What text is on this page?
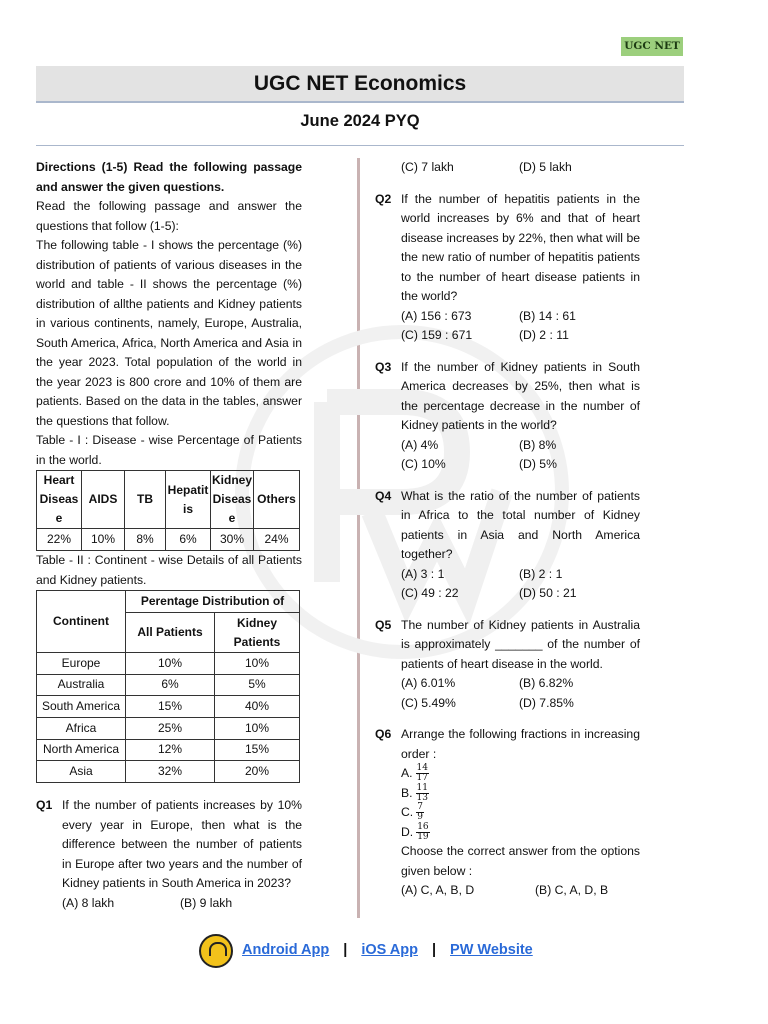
UGC NET
UGC NET Economics
June 2024 PYQ

Directions (1-5) Read the following passage and answer the given questions.

Read the following passage and answer the questions that follow (1-5):

The following table - I shows the percentage (%) distribution of patients of various diseases in the world and table - II shows the percentage (%) distribution of allthe patients and Kidney patients in various continents, namely, Europe, Australia, South America, Africa, North America and Asia in the year 2023. Total population of the world in the year 2023 is 800 crore and 10% of them are patients. Based on the data in the tables, answer the questions that follow.

Table - I : Disease - wise Percentage of Patients in the world.

Heart Diseas e	AIDS	TB	Hepatit is	Kidney Diseas e	Others
22%	10%	8%	6%	30%	24%

Table - II : Continent - wise Details of all Patients and Kidney patients.

Continent	Perentage Distribution of	
	All Patients	Kidney Patients
Europe	10%	10%
Australia	6%	5%
South America	15%	40%
Africa	25%	10%
North America	12%	15%
Asia	32%	20%
Q1 If the number of patients increases by 10% every year in Europe, then what is the difference between the number of patients in Europe after two years and the number of Kidney patients in South America in 2023?

(A) 8 lakh	(B) 9 lakh
(C) 7 lakh	(D) 5 lakh
Q2 If the number of hepatitis patients in the world increases by 6% and that of heart disease increases by 22%, then what will be the new ratio of number of hepatitis patients to the number of heart disease patients in the world?

(A) 156 : 673	(B) 14 : 61
(C) 159 : 671	(D) 2 : 11
Q3 If the number of Kidney patients in South America decreases by 25%, then what is the percentage decrease in the number of Kidney patients in the world?

(A) 4%	(B) 8%
(C) 10%	(D) 5%
Q4 What is the ratio of the number of patients in Africa to the total number of Kidney patients in Asia and North America together?

(A) 3 : 1	(B) 2 : 1
(C) 49 : 22	(D) 50 : 21
Q5 The number of Kidney patients in Australia is approximately _______ of the number of patients of heart disease in the world.

(A) 6.01%	(B) 6.82%
(C) 5.49%	(D) 7.85%
Q6 Arrange the following fractions in increasing order :

A. $\frac{14}{17}$
B. $\frac{11}{13}$
C. $\frac{7}{9}$
D. $\frac{16}{19}$

Choose the correct answer from the options given below :

(A) C, A, B, D	(B) C, A, D, B
Android App | iOS App | PW Website
